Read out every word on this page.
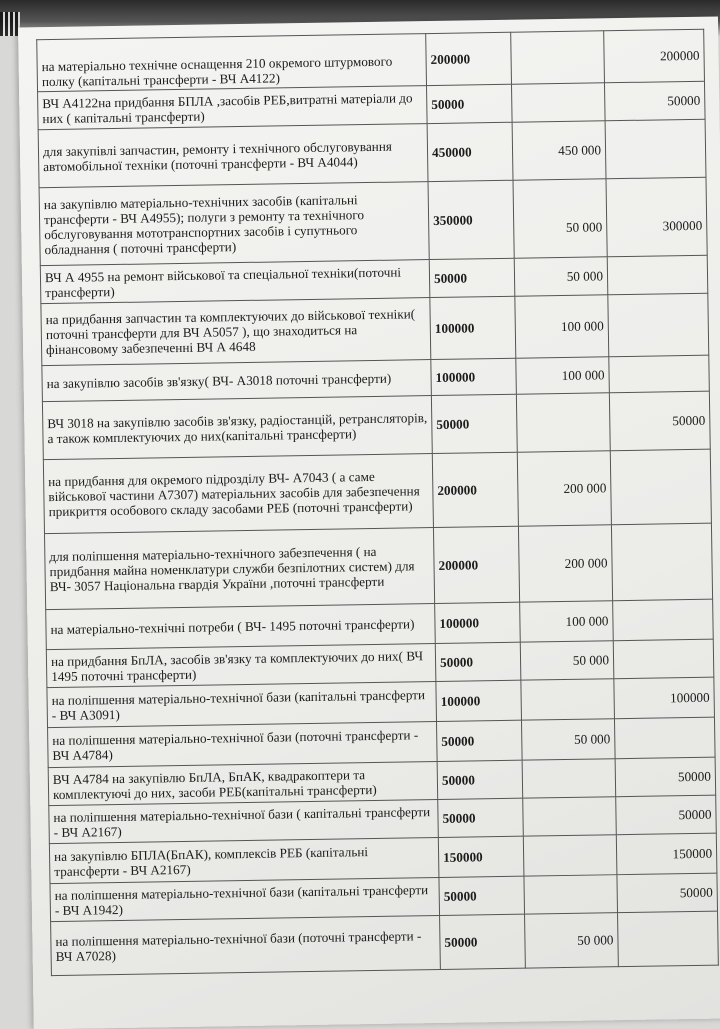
на матеріально технічне оснащення 210 окремого штурмового полку (капітальні трансферти - ВЧ А4122)	200000		200000
ВЧ А4122на придбання БПЛА ,засобів РЕБ,витратні матеріали до них ( капітальні трансферти)	50000		50000
для закупівлі запчастин, ремонту і технічного обслуговування автомобільної техніки (поточні трансферти - ВЧ А4044)	450000	450 000	
на закупівлю матеріально-технічних засобів (капітальні трансферти - ВЧ А4955); полуги з ремонту та технічного обслуговування мототранспортних засобів і супутнього обладнання ( поточні трансферти)	350000	50 000	300000
ВЧ А 4955 на ремонт військової та спеціальної техніки(поточні трансферти)	50000	50 000	
на придбання запчастин та комплектуючих до військової техніки( поточні трансферти для ВЧ А5057 ), що знаходиться на фінансовому забезпеченні ВЧ А 4648	100000	100 000	
на закупівлю засобів зв'язку( ВЧ- А3018 поточні трансферти)	100000	100 000	
ВЧ 3018 на закупівлю засобів зв'язку, радіостанцій, ретрансляторів, а також комплектуючих до них(капітальні трансферти)	50000		50000
на придбання для окремого підрозділу ВЧ- А7043 ( а саме військової частини А7307) матеріальних засобів для забезпечення прикриття особового складу засобами РЕБ (поточні трансферти)	200000	200 000	
для поліпшення матеріально-технічного забезпечення ( на придбання майна номенклатури служби безпілотних систем) для ВЧ- 3057 Національна гвардія України ,поточні трансферти	200000	200 000	
на матеріально-технічні потреби ( ВЧ- 1495 поточні трансферти)	100000	100 000	
на придбання БпЛА, засобів зв'язку та комплектуючих до них( ВЧ 1495 поточні трансферти)	50000	50 000	
на поліпшення матеріально-технічної бази (капітальні трансферти - ВЧ А3091)	100000		100000
на поліпшення матеріально-технічної бази (поточні трансферти - ВЧ А4784)	50000	50 000	
ВЧ А4784 на закупівлю БпЛА, БпАК, квадракоптери та комплектуючі до них, засоби РЕБ(капітальні трансферти)	50000		50000
на поліпшення матеріально-технічної бази ( капітальні трансферти - ВЧ А2167)	50000		50000
на закупівлю БПЛА(БпАК), комплексів РЕБ (капітальні трансферти - ВЧ А2167)	150000		150000
на поліпшення матеріально-технічної бази (капітальні трансферти - ВЧ А1942)	50000		50000
на поліпшення матеріально-технічної бази (поточні трансферти - ВЧ А7028)	50000	50 000	
